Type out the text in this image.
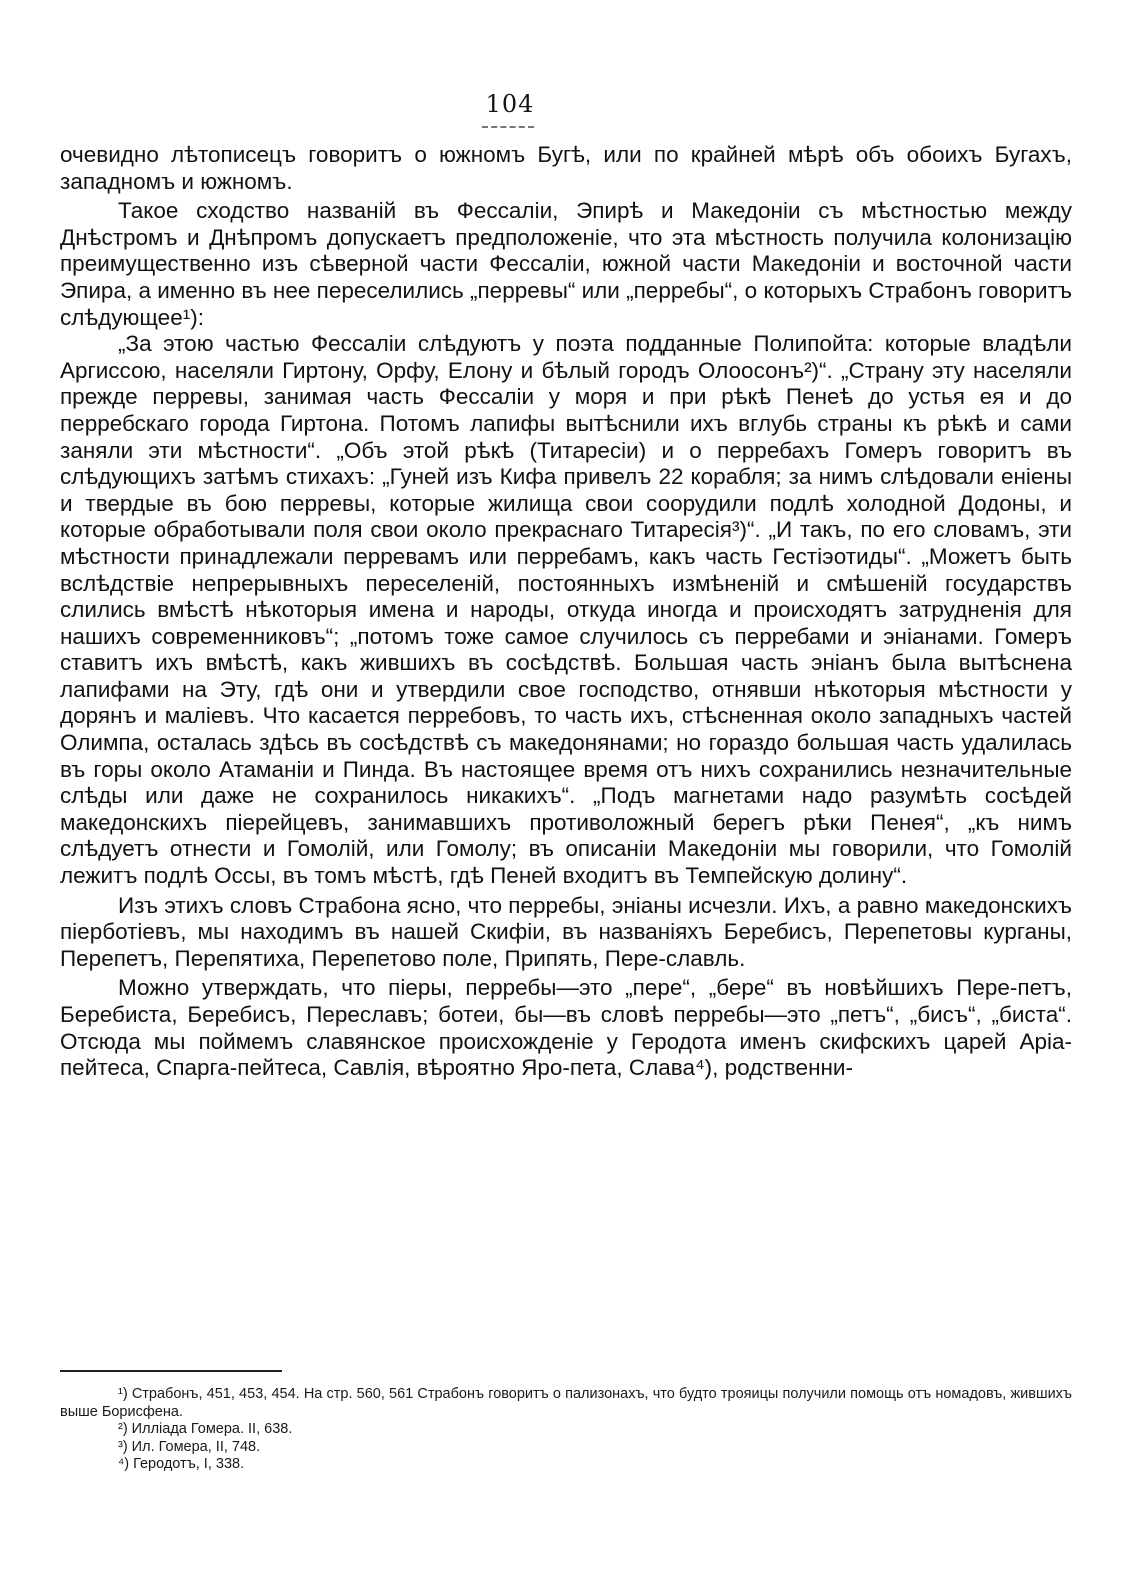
104

очевидно лѣтописецъ говоритъ о южномъ Бугѣ, или по крайней мѣрѣ объ обоихъ Бугахъ, западномъ и южномъ.

Такое сходство названій въ Фессаліи, Эпирѣ и Македоніи съ мѣстностью между Днѣстромъ и Днѣпромъ допускаетъ предположеніе, что эта мѣстность получила колонизацію преимущественно изъ сѣверной части Фессаліи, южной части Македоніи и восточной части Эпира, а именно въ нее переселились „перревы“ или „перребы“, о которыхъ Страбонъ говоритъ слѣдующее¹):

„За этою частью Фессаліи слѣдуютъ у поэта подданные Полипойта: которые владѣли Аргиссою, населяли Гиртону, Орфу, Елону и бѣлый городъ Олоосонъ²)“. „Страну эту населяли прежде перревы, занимая часть Фессаліи у моря и при рѣкѣ Пенеѣ до устья ея и до перребскаго города Гиртона. Потомъ лапифы вытѣснили ихъ вглубь страны къ рѣкѣ и сами заняли эти мѣстности“. „Объ этой рѣкѣ (Титаресіи) и о перребахъ Гомеръ говоритъ въ слѣдующихъ затѣмъ стихахъ: „Гуней изъ Кифа привелъ 22 корабля; за нимъ слѣдовали еніены и твердые въ бою перревы, которые жилища свои соорудили подлѣ холодной Додоны, и которые обработывали поля свои около прекраснаго Титаресія³)“. „И такъ, по его словамъ, эти мѣстности принадлежали перревамъ или перребамъ, какъ часть Гестіэотиды“. „Можетъ быть вслѣдствіе непрерывныхъ переселеній, постоянныхъ измѣненій и смѣшеній государствъ слились вмѣстѣ нѣкоторыя имена и народы, откуда иногда и происходятъ затрудненія для нашихъ современниковъ“; „потомъ тоже самое случилось съ перребами и эніанами. Гомеръ ставитъ ихъ вмѣстѣ, какъ жившихъ въ сосѣдствѣ. Большая часть эніанъ была вытѣснена лапифами на Эту, гдѣ они и утвердили свое господство, отнявши нѣкоторыя мѣстности у дорянъ и маліевъ. Что касается перребовъ, то часть ихъ, стѣсненная около западныхъ частей Олимпа, осталась здѣсь въ сосѣдствѣ съ македонянами; но гораздо большая часть удалилась въ горы около Атаманіи и Пинда. Въ настоящее время отъ нихъ сохранились незначительные слѣды или даже не сохранилось никакихъ“. „Подъ магнетами надо разумѣть сосѣдей македонскихъ піерейцевъ, занимавшихъ противоложный берегъ рѣки Пенея“, „къ нимъ слѣдуетъ отнести и Гомолій, или Гомолу; въ описаніи Македоніи мы говорили, что Гомолій лежитъ подлѣ Оссы, въ томъ мѣстѣ, гдѣ Пеней входитъ въ Темпейскую долину“.

Изъ этихъ словъ Страбона ясно, что перребы, эніаны исчезли. Ихъ, а равно македонскихъ піерботіевъ, мы находимъ въ нашей Скифіи, въ названіяхъ Беребисъ, Перепетовы курганы, Перепетъ, Перепятиха, Перепетово поле, Припять, Пере-славль.

Можно утверждать, что піеры, перребы—это „пере“, „бере“ въ новѣйшихъ Пере-петъ, Беребиста, Беребисъ, Переславъ; ботеи, бы—въ словѣ перребы—это „петъ“, „бисъ“, „биста“. Отсюда мы поймемъ славянское происхожденіе у Геродота именъ скифскихъ царей Аріа-пейтеса, Спарга-пейтеса, Савлія, вѣроятно Яро-пета, Слава⁴), родственни-

¹) Страбонъ, 451, 453, 454. На стр. 560, 561 Страбонъ говоритъ о пализонахъ, что будто трояицы получили помощь отъ номадовъ, жившихъ выше Борисфена.

²) Илліада Гомера. II, 638.

³) Ил. Гомера, II, 748.

⁴) Геродотъ, I, 338.
